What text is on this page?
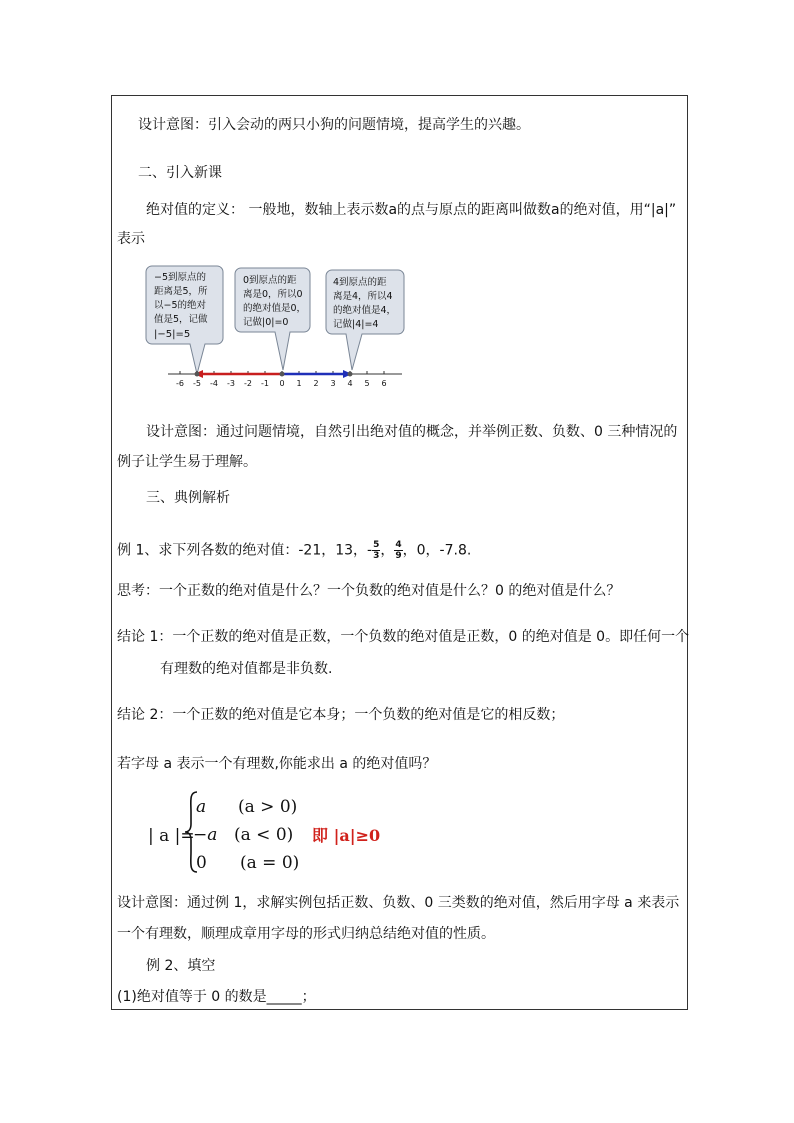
设计意图：引入会动的两只小狗的问题情境，提高学生的兴趣。
二、引入新课
绝对值的定义： 一般地，数轴上表示数a的点与原点的距离叫做数a的绝对值，用“|a|”
表示
−5到原点的
距离是5，所
以−5的绝对
值是5，记做
|−5|=5
0到原点的距
离是0，所以0
的绝对值是0，
记做|0|=0
4到原点的距
离是4，所以4
的绝对值是4，
记做|4|=4
-6 -5 -4 -3 -2 -1 0 1 2 3 4 5 6
设计意图：通过问题情境，自然引出绝对值的概念，并举例正数、负数、0 三种情况的
例子让学生易于理解。
三、典例解析
例 1、求下列各数的绝对值：-21，13，- $\frac{5}{3}$ ， $\frac{4}{9}$ ，0，-7.8.
思考：一个正数的绝对值是什么？一个负数的绝对值是什么？0 的绝对值是什么？
结论 1：一个正数的绝对值是正数，一个负数的绝对值是正数，0 的绝对值是 0。即任何一个
有理数的绝对值都是非负数.
结论 2：一个正数的绝对值是它本身；一个负数的绝对值是它的相反数；
若字母 a 表示一个有理数,你能求出 a 的绝对值吗？
| a |=
a (a > 0)
−a (a < 0)
0 (a = 0)
即 |a|≥0
设计意图：通过例 1，求解实例包括正数、负数、0 三类数的绝对值，然后用字母 a 来表示
一个有理数，顺理成章用字母的形式归纳总结绝对值的性质。
例 2、填空
(1)绝对值等于 0 的数是_____；
